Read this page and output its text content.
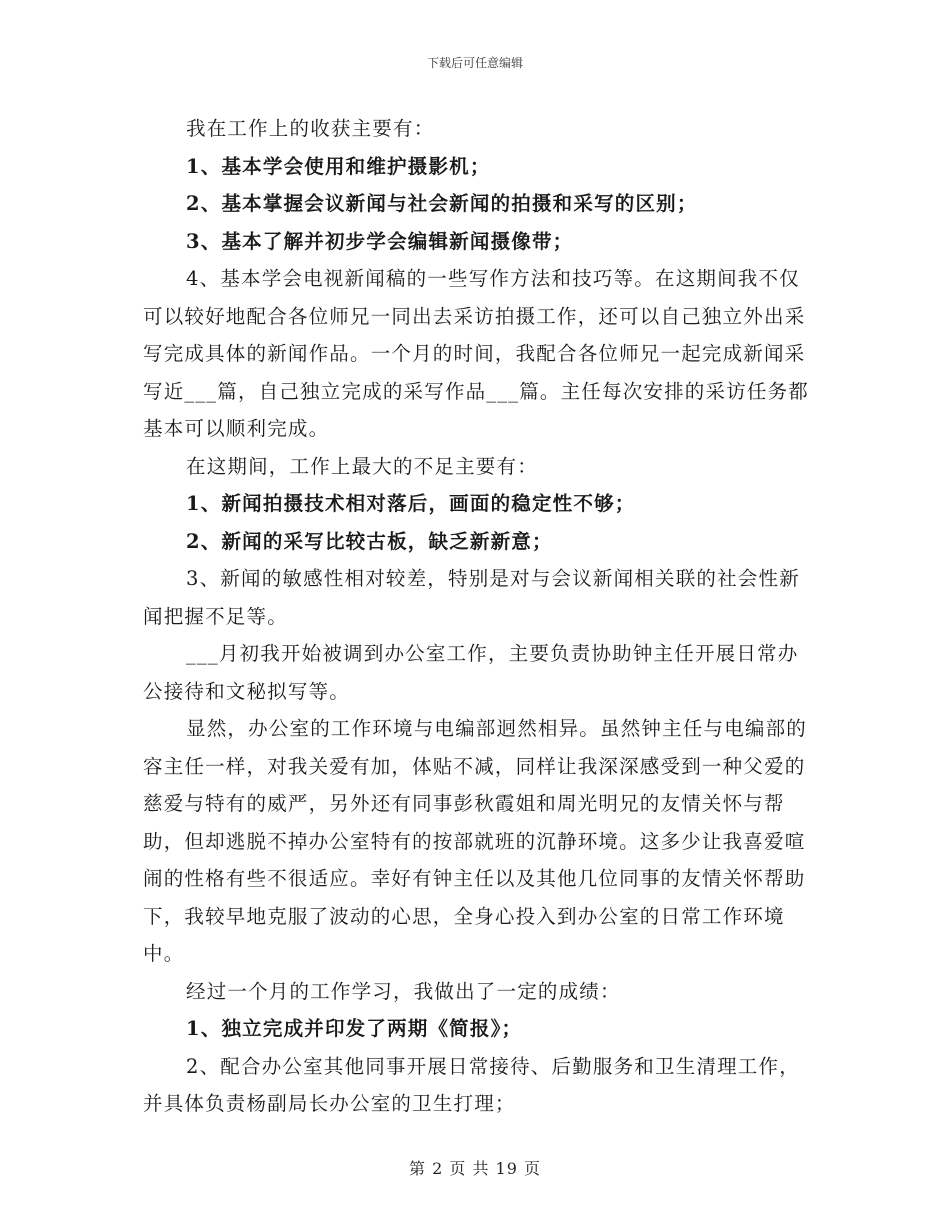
下载后可任意编辑

我在工作上的收获主要有：

1、基本学会使用和维护摄影机；

2、基本掌握会议新闻与社会新闻的拍摄和采写的区别；

3、基本了解并初步学会编辑新闻摄像带；

4、基本学会电视新闻稿的一些写作方法和技巧等。在这期间我不仅可以较好地配合各位师兄一同出去采访拍摄工作，还可以自己独立外出采写完成具体的新闻作品。一个月的时间，我配合各位师兄一起完成新闻采写近___篇，自己独立完成的采写作品___篇。主任每次安排的采访任务都基本可以顺利完成。

在这期间，工作上最大的不足主要有：

1、新闻拍摄技术相对落后，画面的稳定性不够；

2、新闻的采写比较古板，缺乏新新意；

3、新闻的敏感性相对较差，特别是对与会议新闻相关联的社会性新闻把握不足等。

___月初我开始被调到办公室工作，主要负责协助钟主任开展日常办公接待和文秘拟写等。

显然，办公室的工作环境与电编部迥然相异。虽然钟主任与电编部的容主任一样，对我关爱有加，体贴不减，同样让我深深感受到一种父爱的慈爱与特有的威严，另外还有同事彭秋霞姐和周光明兄的友情关怀与帮助，但却逃脱不掉办公室特有的按部就班的沉静环境。这多少让我喜爱喧闹的性格有些不很适应。幸好有钟主任以及其他几位同事的友情关怀帮助下，我较早地克服了波动的心思，全身心投入到办公室的日常工作环境中。

经过一个月的工作学习，我做出了一定的成绩：

1、独立完成并印发了两期《简报》；

2、配合办公室其他同事开展日常接待、后勤服务和卫生清理工作，并具体负责杨副局长办公室的卫生打理；

第 2 页 共 19 页
